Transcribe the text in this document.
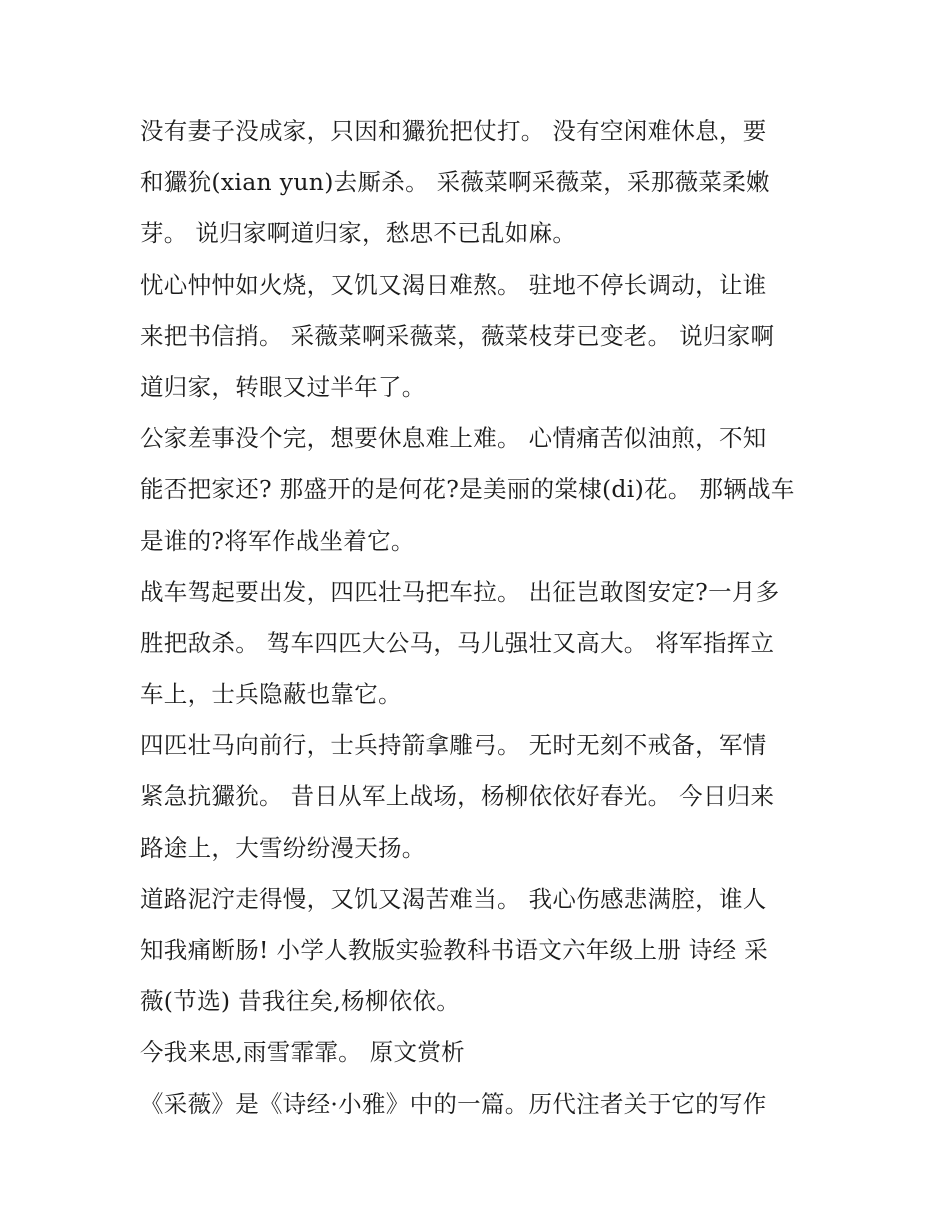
没有妻子没成家，只因和玁狁把仗打。 没有空闲难休息，要
和玁狁(xian yun)去厮杀。 采薇菜啊采薇菜，采那薇菜柔嫩
芽。 说归家啊道归家，愁思不已乱如麻。

忧心忡忡如火烧，又饥又渴日难熬。 驻地不停长调动，让谁
来把书信捎。 采薇菜啊采薇菜，薇菜枝芽已变老。 说归家啊
道归家，转眼又过半年了。

公家差事没个完，想要休息难上难。 心情痛苦似油煎，不知
能否把家还? 那盛开的是何花?是美丽的棠棣(di)花。 那辆战车
是谁的?将军作战坐着它。

战车驾起要出发，四匹壮马把车拉。 出征岂敢图安定?一月多
胜把敌杀。 驾车四匹大公马，马儿强壮又高大。 将军指挥立
车上，士兵隐蔽也靠它。

四匹壮马向前行，士兵持箭拿雕弓。 无时无刻不戒备，军情
紧急抗玁狁。 昔日从军上战场，杨柳依依好春光。 今日归来
路途上，大雪纷纷漫天扬。

道路泥泞走得慢，又饥又渴苦难当。 我心伤感悲满腔，谁人
知我痛断肠! 小学人教版实验教科书语文六年级上册 诗经 采
薇(节选) 昔我往矣,杨柳依依。

今我来思,雨雪霏霏。 原文赏析

《采薇》是《诗经·小雅》中的一篇。历代注者关于它的写作
